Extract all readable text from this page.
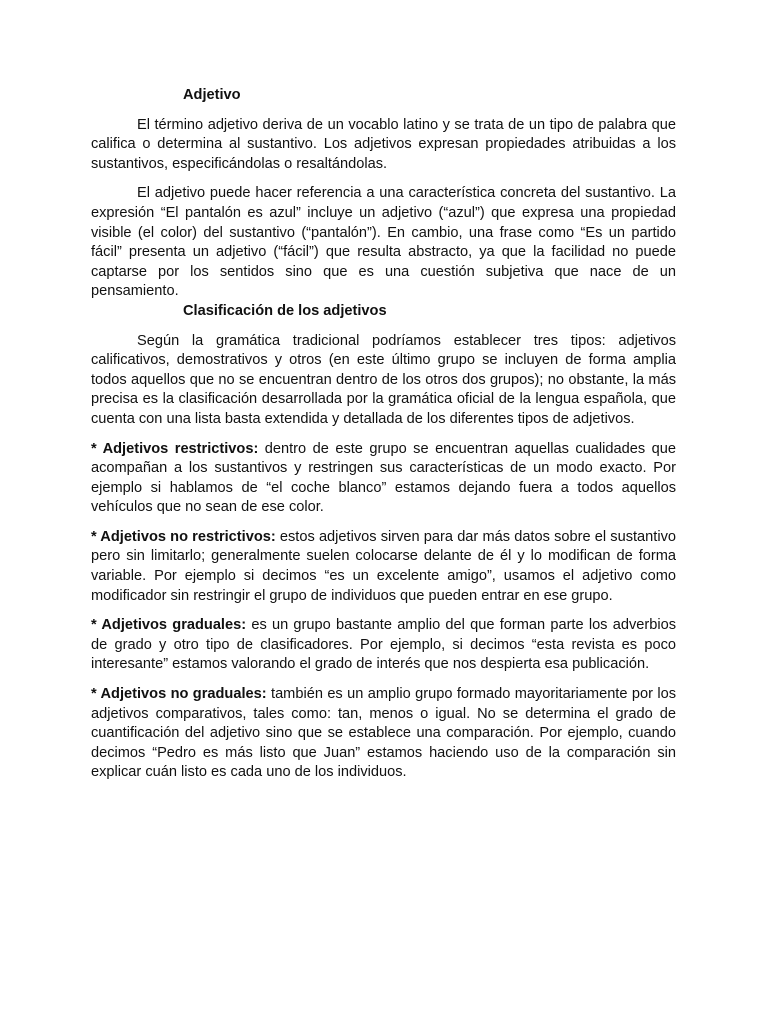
Adjetivo

El término adjetivo deriva de un vocablo latino y se trata de un tipo de palabra que califica o determina al sustantivo. Los adjetivos expresan propiedades atribuidas a los sustantivos, especificándolas o resaltándolas.

El adjetivo puede hacer referencia a una característica concreta del sustantivo. La expresión “El pantalón es azul” incluye un adjetivo (“azul”) que expresa una propiedad visible (el color) del sustantivo (“pantalón”). En cambio, una frase como “Es un partido fácil” presenta un adjetivo (“fácil”) que resulta abstracto, ya que la facilidad no puede captarse por los sentidos sino que es una cuestión subjetiva que nace de un pensamiento.

Clasificación de los adjetivos

Según la gramática tradicional podríamos establecer tres tipos: adjetivos calificativos, demostrativos y otros (en este último grupo se incluyen de forma amplia todos aquellos que no se encuentran dentro de los otros dos grupos); no obstante, la más precisa es la clasificación desarrollada por la gramática oficial de la lengua española, que cuenta con una lista basta extendida y detallada de los diferentes tipos de adjetivos.

* Adjetivos restrictivos: dentro de este grupo se encuentran aquellas cualidades que acompañan a los sustantivos y restringen sus características de un modo exacto. Por ejemplo si hablamos de “el coche blanco” estamos dejando fuera a todos aquellos vehículos que no sean de ese color.

* Adjetivos no restrictivos: estos adjetivos sirven para dar más datos sobre el sustantivo pero sin limitarlo; generalmente suelen colocarse delante de él y lo modifican de forma variable. Por ejemplo si decimos “es un excelente amigo”, usamos el adjetivo como modificador sin restringir el grupo de individuos que pueden entrar en ese grupo.

* Adjetivos graduales: es un grupo bastante amplio del que forman parte los adverbios de grado y otro tipo de clasificadores. Por ejemplo, si decimos “esta revista es poco interesante” estamos valorando el grado de interés que nos despierta esa publicación.

* Adjetivos no graduales: también es un amplio grupo formado mayoritariamente por los adjetivos comparativos, tales como: tan, menos o igual. No se determina el grado de cuantificación del adjetivo sino que se establece una comparación. Por ejemplo, cuando decimos “Pedro es más listo que Juan” estamos haciendo uso de la comparación sin explicar cuán listo es cada uno de los individuos.
